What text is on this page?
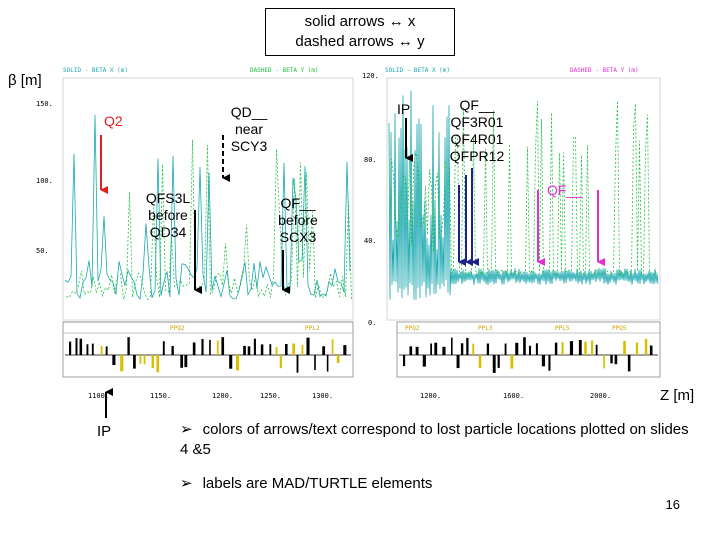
solid arrows ↔ x
dashed arrows ↔ y
β [m]
SOLID - BETA X (m)	DASHED - BETA Y (m)
150.
100.
50.
PPQ2	PPL2
1100.	1150.	1200.	1250.	1300.
SOLID - BETA X (m)	DASHED - BETA Y (m)
120.
80.
40.
0.
PPQ2	PPL3	PPL5	PPQ5
1200.	1600.	2000.
Q2
QD__
near
SCY3
QFS3L
before
QD34
QF__
before
SCX3
IP	QF__
QF3R01
QF4R01
QFPR12
QF__
Z [m]
IP	➢ colors of arrows/text correspond to lost particle locations plotted on slides 4 &5
➢ labels are MAD/TURTLE elements
16
